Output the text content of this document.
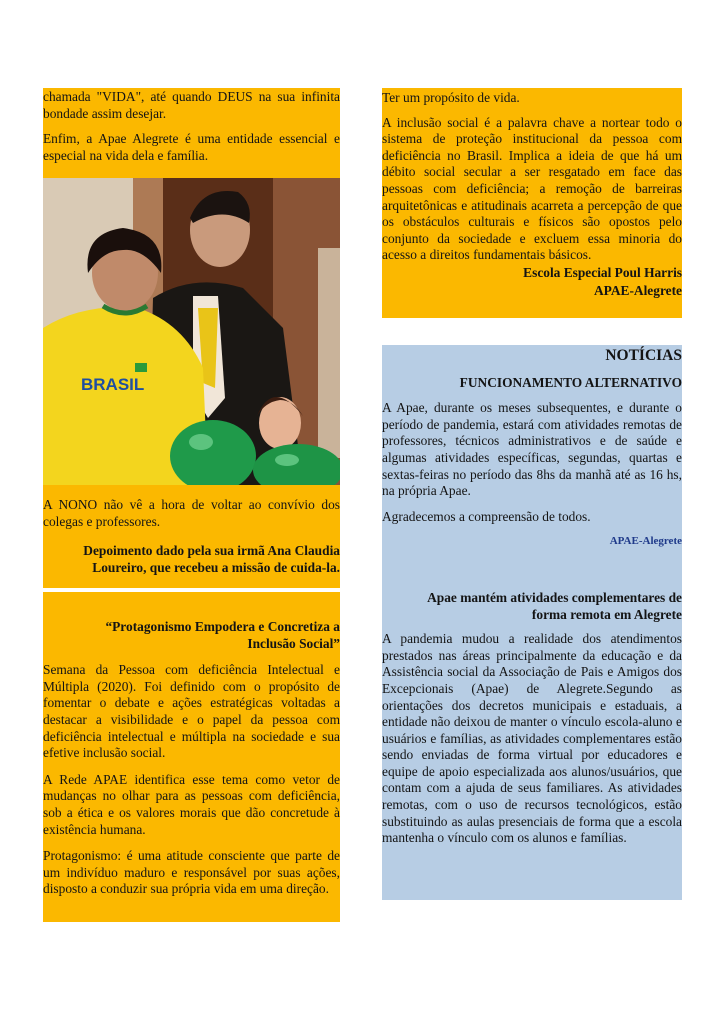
chamada "VIDA", até quando DEUS na sua infinita bondade assim desejar.

Enfim, a Apae Alegrete é uma entidade essencial e especial na vida dela e família.

BRASIL

A NONO não vê a hora de voltar ao convívio dos colegas e professores.

Depoimento dado pela sua irmã Ana Claudia Loureiro, que recebeu a missão de cuida-la.

“Protagonismo Empodera e Concretiza a Inclusão Social”

Semana da Pessoa com deficiência Intelectual e Múltipla (2020). Foi definido com o propósito de fomentar o debate e ações estratégicas voltadas a destacar a visibilidade e o papel da pessoa com deficiência intelectual e múltipla na sociedade e sua efetive inclusão social.

A Rede APAE identifica esse tema como vetor de mudanças no olhar para as pessoas com deficiência, sob a ética e os valores morais que dão concretude à existência humana.

Protagonismo: é uma atitude consciente que parte de um indivíduo maduro e responsável por suas ações, disposto a conduzir sua própria vida em uma direção.

Ter um propósito de vida.

A inclusão social é a palavra chave a nortear todo o sistema de proteção institucional da pessoa com deficiência no Brasil. Implica a ideia de que há um débito social secular a ser resgatado em face das pessoas com deficiência; a remoção de barreiras arquitetônicas e atitudinais acarreta a percepção de que os obstáculos culturais e físicos são opostos pelo conjunto da sociedade e excluem essa minoria do acesso a direitos fundamentais básicos.

Escola Especial Poul Harris

APAE-Alegrete

NOTÍCIAS

FUNCIONAMENTO ALTERNATIVO

A Apae, durante os meses subsequentes, e durante o período de pandemia, estará com atividades remotas de professores, técnicos administrativos e de saúde e algumas atividades específicas, segundas, quartas e sextas-feiras no período das 8hs da manhã até as 16 hs, na própria Apae.

Agradecemos a compreensão de todos.

APAE-Alegrete

Apae mantém atividades complementares de forma remota em Alegrete

A pandemia mudou a realidade dos atendimentos prestados nas áreas principalmente da educação e da Assistência social da Associação de Pais e Amigos dos Excepcionais (Apae) de Alegrete.Segundo as orientações dos decretos municipais e estaduais, a entidade não deixou de manter o vínculo escola-aluno e usuários e famílias, as atividades complementares estão sendo enviadas de forma virtual por educadores e equipe de apoio especializada aos alunos/usuários, que contam com a ajuda de seus familiares. As atividades remotas, com o uso de recursos tecnológicos, estão substituindo as aulas presenciais de forma que a escola mantenha o vínculo com os alunos e famílias.
